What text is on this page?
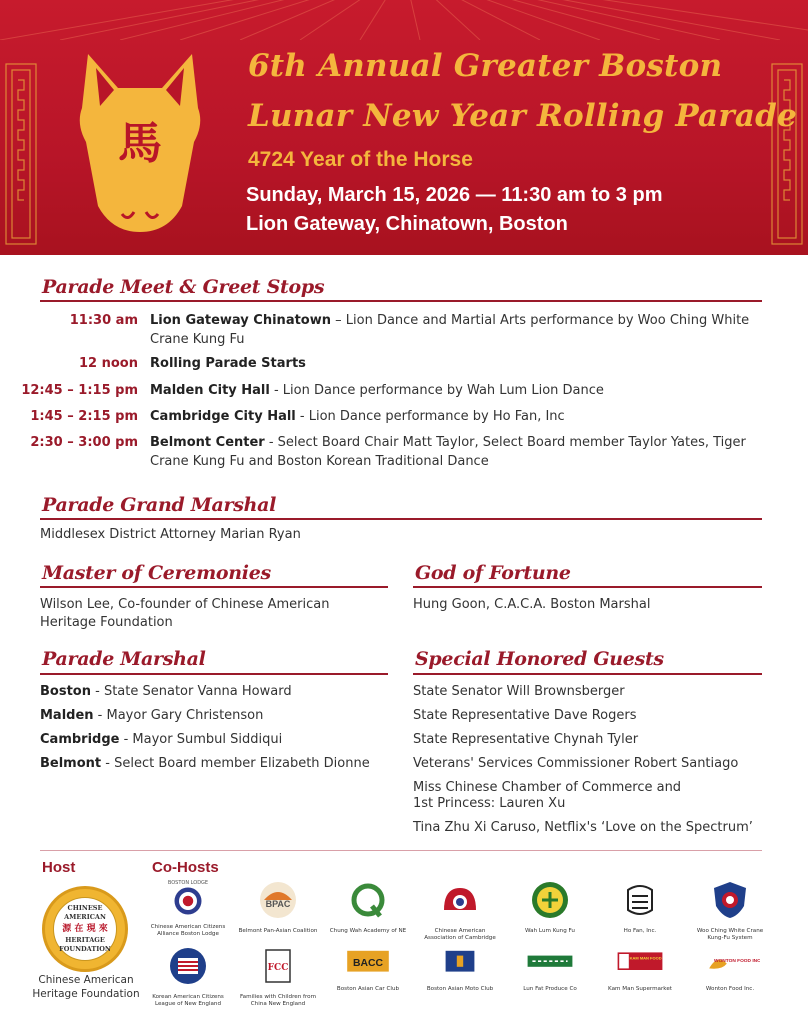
馬
6th Annual Greater Boston
Lunar New Year Rolling Parade
4724 Year of the Horse
Sunday, March 15, 2026 — 11:30 am to 3 pm
Lion Gateway, Chinatown, Boston
Parade Meet & Greet Stops
11:30 am Lion Gateway Chinatown – Lion Dance and Martial Arts performance by Woo Ching White Crane Kung Fu
12 noon Rolling Parade Starts
12:45 – 1:15 pm Malden City Hall - Lion Dance performance by Wah Lum Lion Dance
1:45 – 2:15 pm Cambridge City Hall - Lion Dance performance by Ho Fan, Inc
2:30 – 3:00 pm Belmont Center - Select Board Chair Matt Taylor, Select Board member Taylor Yates, Tiger Crane Kung Fu and Boston Korean Traditional Dance
Parade Grand Marshal
Middlesex District Attorney Marian Ryan
Master of Ceremonies
Wilson Lee, Co-founder of Chinese American Heritage Foundation
God of Fortune
Hung Goon, C.A.C.A. Boston Marshal
Parade Marshal
Boston - State Senator Vanna Howard
Malden - Mayor Gary Christenson
Cambridge - Mayor Sumbul Siddiqui
Belmont - Select Board member Elizabeth Dionne
Special Honored Guests
State Senator Will Brownsberger
State Representative Dave Rogers
State Representative Chynah Tyler
Veterans' Services Commissioner Robert Santiago
Miss Chinese Chamber of Commerce and
1st Princess: Lauren Xu
Tina Zhu Xi Caruso, Netflix's ‘Love on the Spectrum’
Host	Co-Hosts
CHINESE AMERICAN
源 在 現 來
HERITAGE FOUNDATION
Chinese American
Heritage Foundation
BOSTON LODGE
Chinese American Citizens Alliance Boston Lodge
BPAC
Belmont Pan-Asian Coalition	Chung Wah Academy of NE	Chinese American Association of Cambridge
Wah Lum Kung Fu	Ho Fan, Inc.	Woo Ching White Crane Kung-Fu System
Korean American Citizens League of New England
FCC
Families with Children from China New England
BACC
Boston Asian Car Club	Boston Asian Moto Club	Lun Fat Produce Co
KAM MAN FOOD
Kam Man Supermarket
WONTON FOOD INC.
Wonton Food Inc.
